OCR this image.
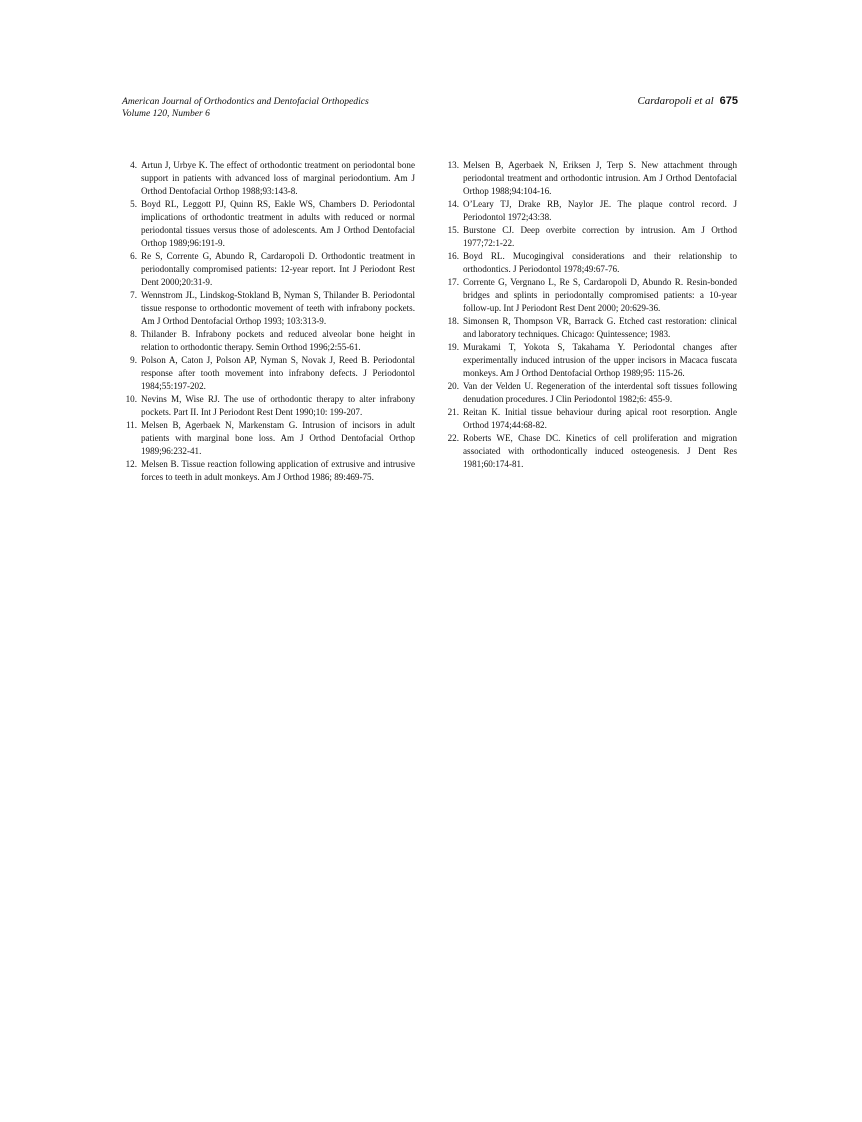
American Journal of Orthodontics and Dentofacial Orthopedics
Volume 120, Number 6
Cardaropoli et al 675
4. Artun J, Urbye K. The effect of orthodontic treatment on periodontal bone support in patients with advanced loss of marginal periodontium. Am J Orthod Dentofacial Orthop 1988;93:143-8.
5. Boyd RL, Leggott PJ, Quinn RS, Eakle WS, Chambers D. Periodontal implications of orthodontic treatment in adults with reduced or normal periodontal tissues versus those of adolescents. Am J Orthod Dentofacial Orthop 1989;96:191-9.
6. Re S, Corrente G, Abundo R, Cardaropoli D. Orthodontic treatment in periodontally compromised patients: 12-year report. Int J Periodont Rest Dent 2000;20:31-9.
7. Wennstrom JL, Lindskog-Stokland B, Nyman S, Thilander B. Periodontal tissue response to orthodontic movement of teeth with infrabony pockets. Am J Orthod Dentofacial Orthop 1993; 103:313-9.
8. Thilander B. Infrabony pockets and reduced alveolar bone height in relation to orthodontic therapy. Semin Orthod 1996;2:55-61.
9. Polson A, Caton J, Polson AP, Nyman S, Novak J, Reed B. Periodontal response after tooth movement into infrabony defects. J Periodontol 1984;55:197-202.
10. Nevins M, Wise RJ. The use of orthodontic therapy to alter infrabony pockets. Part II. Int J Periodont Rest Dent 1990;10: 199-207.
11. Melsen B, Agerbaek N, Markenstam G. Intrusion of incisors in adult patients with marginal bone loss. Am J Orthod Dentofacial Orthop 1989;96:232-41.
12. Melsen B. Tissue reaction following application of extrusive and intrusive forces to teeth in adult monkeys. Am J Orthod 1986; 89:469-75.
13. Melsen B, Agerbaek N, Eriksen J, Terp S. New attachment through periodontal treatment and orthodontic intrusion. Am J Orthod Dentofacial Orthop 1988;94:104-16.
14. O’Leary TJ, Drake RB, Naylor JE. The plaque control record. J Periodontol 1972;43:38.
15. Burstone CJ. Deep overbite correction by intrusion. Am J Orthod 1977;72:1-22.
16. Boyd RL. Mucogingival considerations and their relationship to orthodontics. J Periodontol 1978;49:67-76.
17. Corrente G, Vergnano L, Re S, Cardaropoli D, Abundo R. Resin-bonded bridges and splints in periodontally compromised patients: a 10-year follow-up. Int J Periodont Rest Dent 2000; 20:629-36.
18. Simonsen R, Thompson VR, Barrack G. Etched cast restoration: clinical and laboratory techniques. Chicago: Quintessence; 1983.
19. Murakami T, Yokota S, Takahama Y. Periodontal changes after experimentally induced intrusion of the upper incisors in Macaca fuscata monkeys. Am J Orthod Dentofacial Orthop 1989;95: 115-26.
20. Van der Velden U. Regeneration of the interdental soft tissues following denudation procedures. J Clin Periodontol 1982;6: 455-9.
21. Reitan K. Initial tissue behaviour during apical root resorption. Angle Orthod 1974;44:68-82.
22. Roberts WE, Chase DC. Kinetics of cell proliferation and migration associated with orthodontically induced osteogenesis. J Dent Res 1981;60:174-81.
